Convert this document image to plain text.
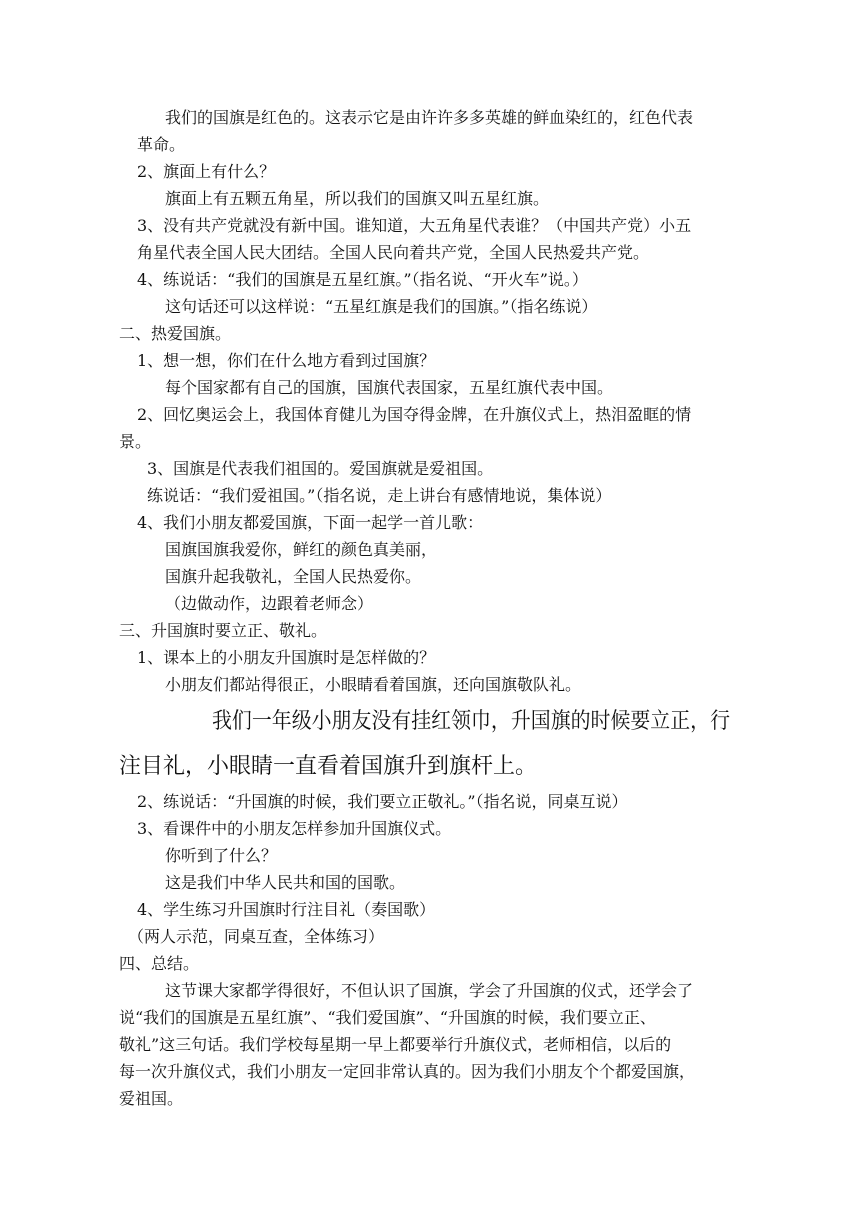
我们的国旗是红色的。这表示它是由许许多多英雄的鲜血染红的，红色代表
革命。
2、旗面上有什么？
旗面上有五颗五角星，所以我们的国旗又叫五星红旗。
3、没有共产党就没有新中国。谁知道，大五角星代表谁？（中国共产党）小五
角星代表全国人民大团结。全国人民向着共产党，全国人民热爱共产党。
4、练说话：“我们的国旗是五星红旗。”（指名说、“开火车”说。）
这句话还可以这样说：“五星红旗是我们的国旗。”（指名练说）
二、热爱国旗。
1、想一想，你们在什么地方看到过国旗？
每个国家都有自己的国旗，国旗代表国家，五星红旗代表中国。
2、回忆奥运会上，我国体育健儿为国夺得金牌，在升旗仪式上，热泪盈眶的情
景。
3、国旗是代表我们祖国的。爱国旗就是爱祖国。
练说话：“我们爱祖国。”（指名说，走上讲台有感情地说，集体说）
4、我们小朋友都爱国旗，下面一起学一首儿歌：
国旗国旗我爱你，鲜红的颜色真美丽，
国旗升起我敬礼，全国人民热爱你。
（边做动作，边跟着老师念）
三、升国旗时要立正、敬礼。
1、课本上的小朋友升国旗时是怎样做的？
小朋友们都站得很正，小眼睛看着国旗，还向国旗敬队礼。
我们一年级小朋友没有挂红领巾，升国旗的时候要立正，行
注目礼，小眼睛一直看着国旗升到旗杆上。
2、练说话：“升国旗的时候，我们要立正敬礼。”（指名说，同桌互说）
3、看课件中的小朋友怎样参加升国旗仪式。
你听到了什么？
这是我们中华人民共和国的国歌。
4、学生练习升国旗时行注目礼（奏国歌）
（两人示范，同桌互查，全体练习）
四、总结。
这节课大家都学得很好，不但认识了国旗，学会了升国旗的仪式，还学会了
说“我们的国旗是五星红旗”、“我们爱国旗”、“升国旗的时候，我们要立正、
敬礼”这三句话。我们学校每星期一早上都要举行升旗仪式，老师相信，以后的
每一次升旗仪式，我们小朋友一定回非常认真的。因为我们小朋友个个都爱国旗，
爱祖国。
